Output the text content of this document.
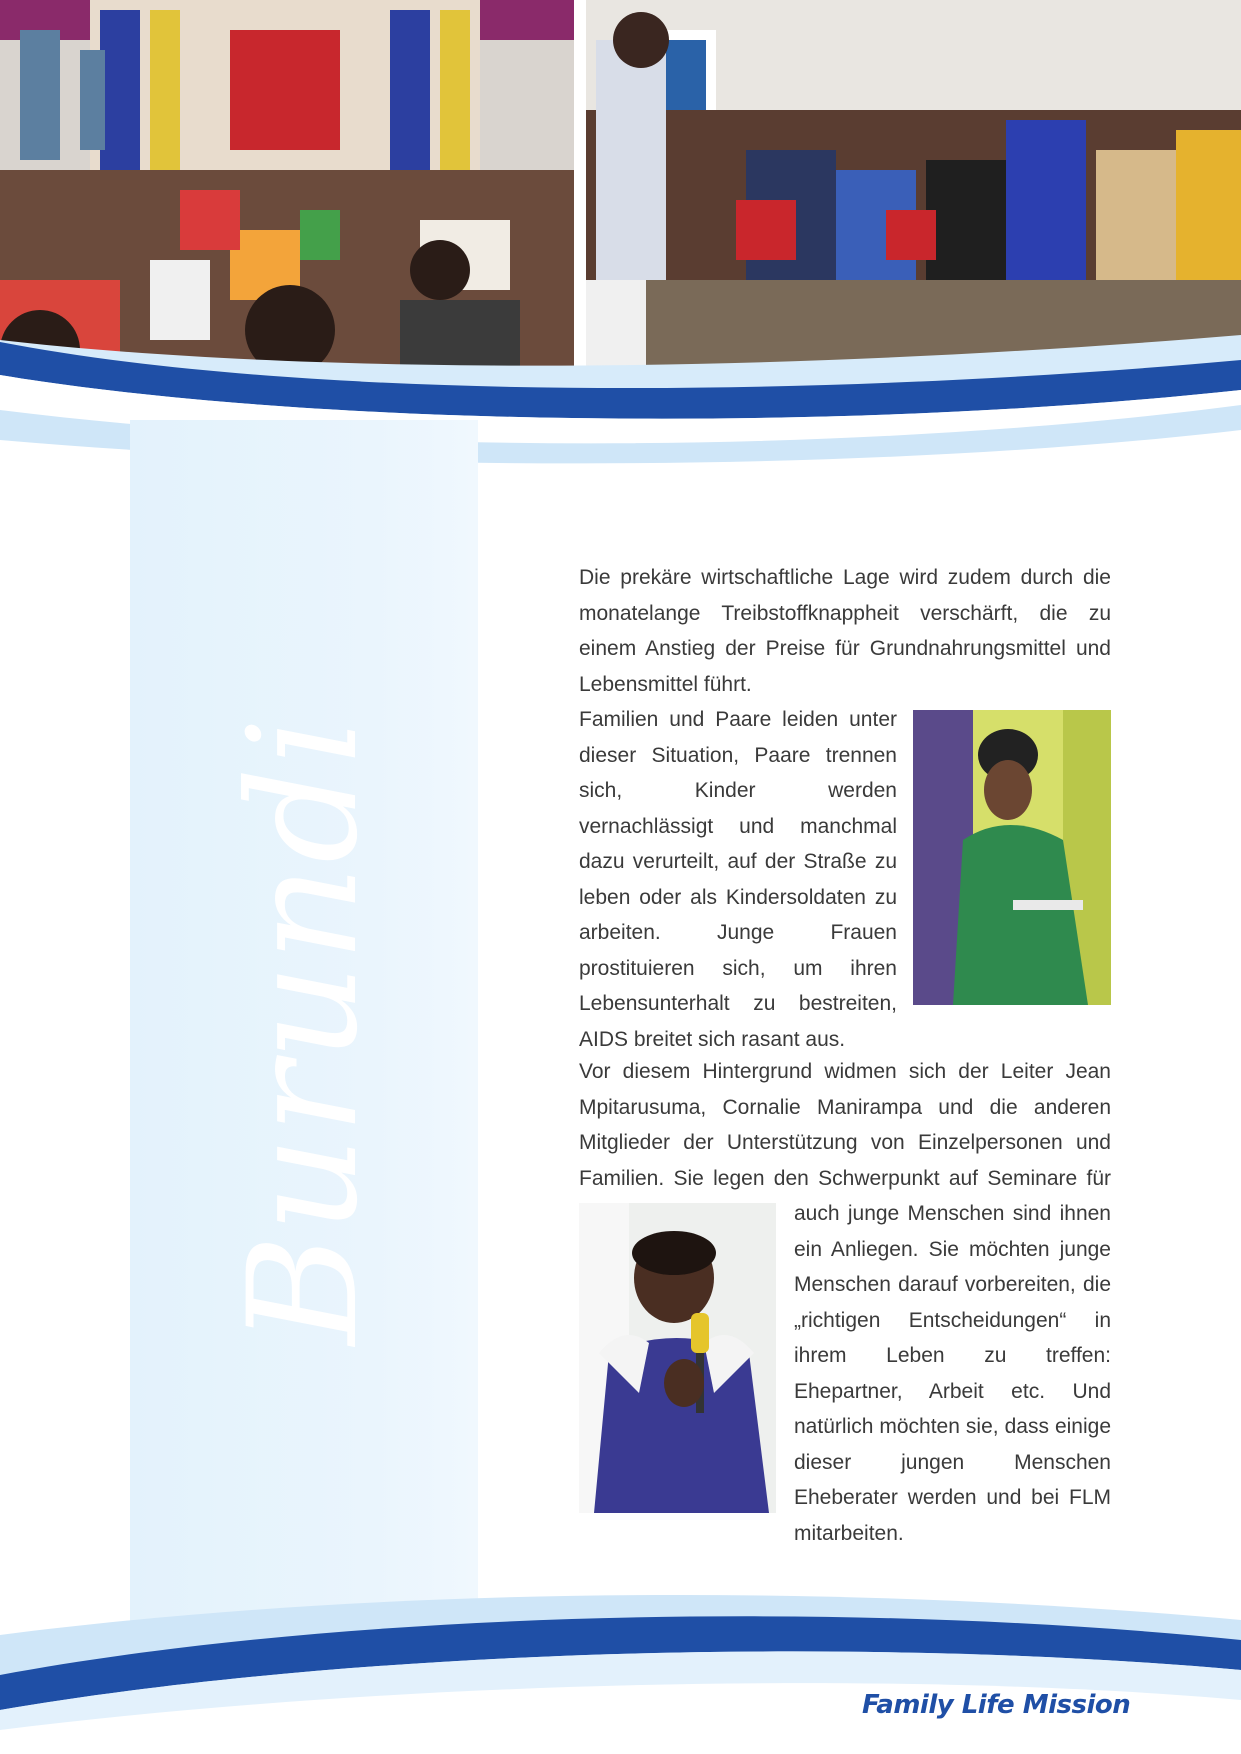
Burundi

Die prekäre wirtschaftliche Lage wird zudem durch die monatelange Treibstoffknappheit verschärft, die zu einem Anstieg der Preise für Grundnahrungsmittel und Lebensmittel führt.

Familien und Paare leiden unter dieser Situation, Paare trennen sich, Kinder werden vernachlässigt und manchmal dazu verurteilt, auf der Straße zu leben oder als Kindersoldaten zu arbeiten. Junge Frauen prostituieren sich, um ihren Lebensunterhalt zu bestreiten, AIDS breitet sich rasant aus.

Vor diesem Hintergrund widmen sich der Leiter Jean Mpitarusuma, Cornalie Manirampa und die anderen Mitglieder der Unterstützung von Einzelpersonen und Familien. Sie legen den Schwerpunkt auf Seminare für

auch junge Menschen sind ihnen ein Anliegen. Sie möchten junge Menschen darauf vorbereiten, die „richtigen Entscheidungen“ in ihrem Leben zu treffen: Ehepartner, Arbeit etc. Und natürlich möchten sie, dass einige dieser jungen Menschen Eheberater werden und bei FLM mitarbeiten.

Family Life Mission
